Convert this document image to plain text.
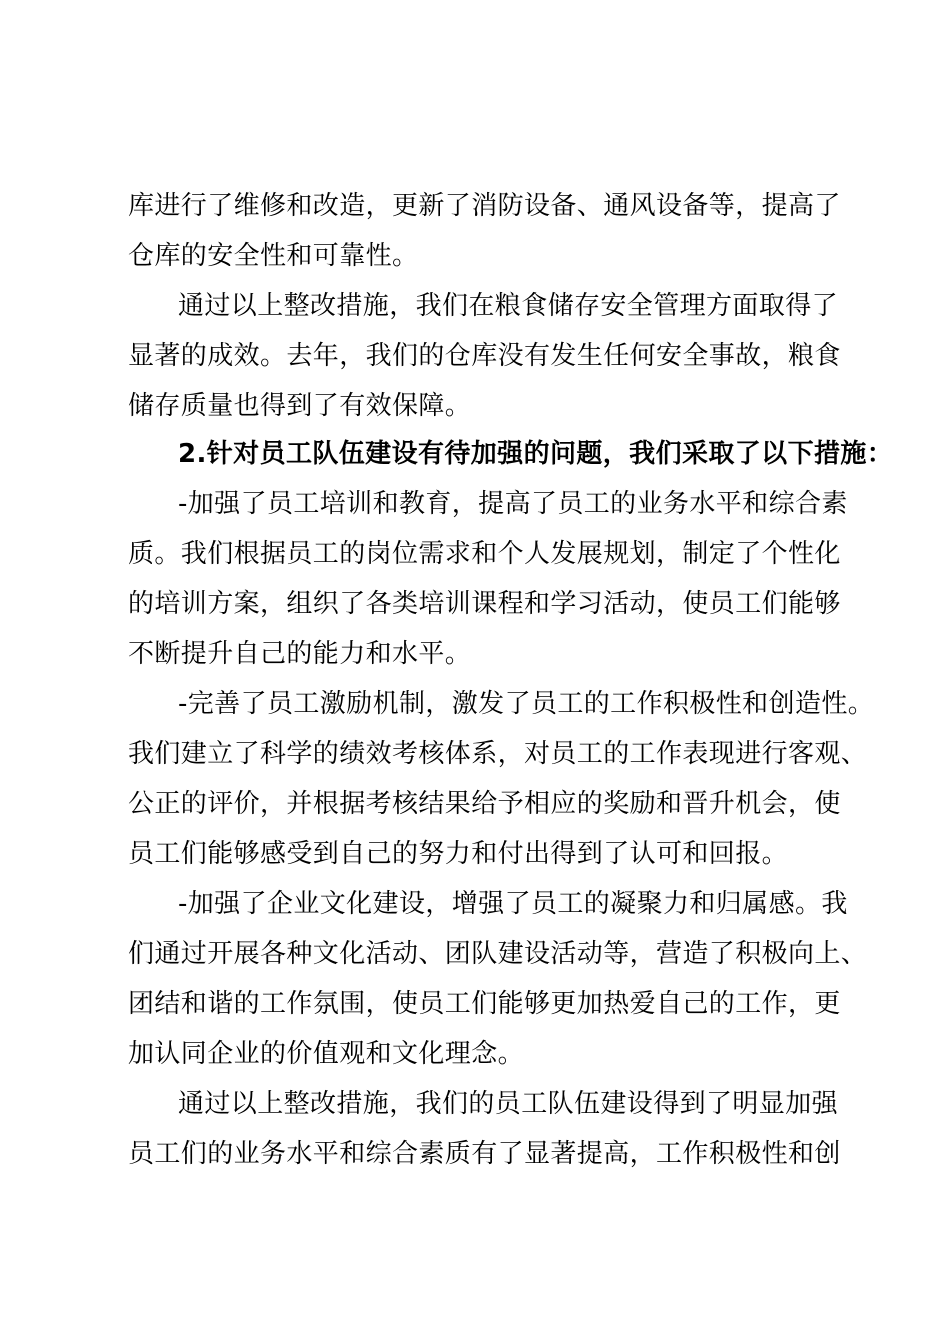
库进行了维修和改造，更新了消防设备、通风设备等，提高了
仓库的安全性和可靠性。
通过以上整改措施，我们在粮食储存安全管理方面取得了
显著的成效。去年，我们的仓库没有发生任何安全事故，粮食
储存质量也得到了有效保障。
2.针对员工队伍建设有待加强的问题，我们采取了以下措施：
-加强了员工培训和教育，提高了员工的业务水平和综合素
质。我们根据员工的岗位需求和个人发展规划，制定了个性化
的培训方案，组织了各类培训课程和学习活动，使员工们能够
不断提升自己的能力和水平。
-完善了员工激励机制，激发了员工的工作积极性和创造性。
我们建立了科学的绩效考核体系，对员工的工作表现进行客观、
公正的评价，并根据考核结果给予相应的奖励和晋升机会，使
员工们能够感受到自己的努力和付出得到了认可和回报。
-加强了企业文化建设，增强了员工的凝聚力和归属感。我
们通过开展各种文化活动、团队建设活动等，营造了积极向上、
团结和谐的工作氛围，使员工们能够更加热爱自己的工作，更
加认同企业的价值观和文化理念。
通过以上整改措施，我们的员工队伍建设得到了明显加强
员工们的业务水平和综合素质有了显著提高，工作积极性和创
